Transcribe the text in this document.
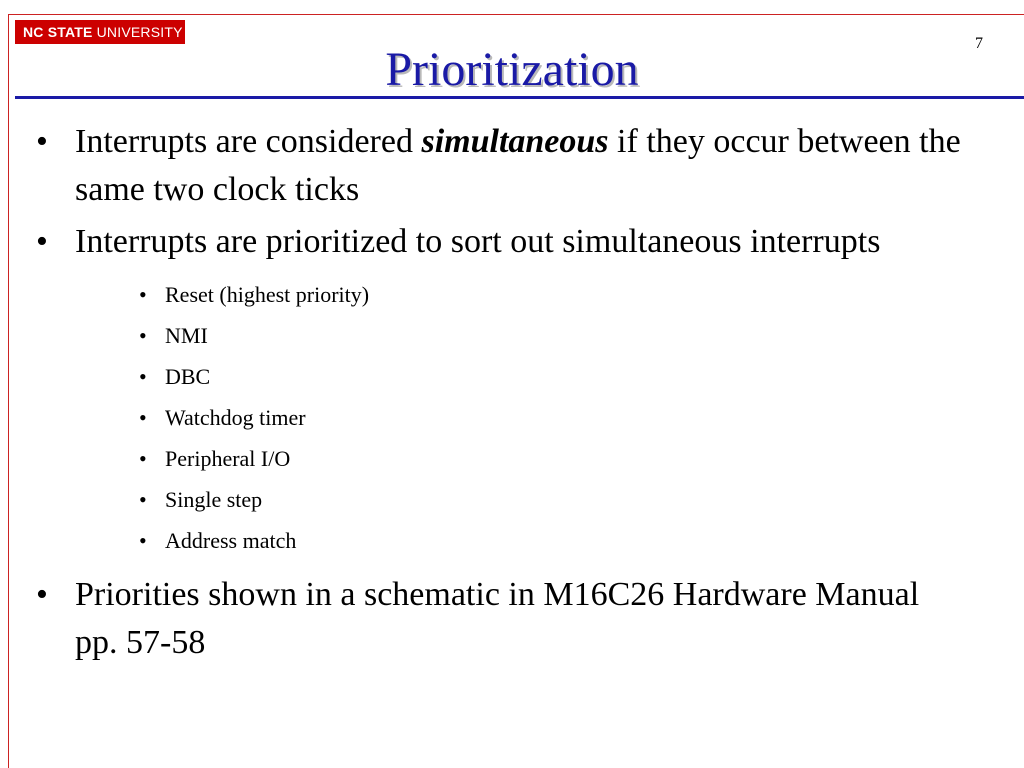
NC STATE UNIVERSITY
7
Prioritization
• Interrupts are considered simultaneous if they occur between the same two clock ticks
• Interrupts are prioritized to sort out simultaneous interrupts
• Reset (highest priority)
• NMI
• DBC
• Watchdog timer
• Peripheral I/O
• Single step
• Address match
• Priorities shown in a schematic in M16C26 Hardware Manual pp. 57-58
